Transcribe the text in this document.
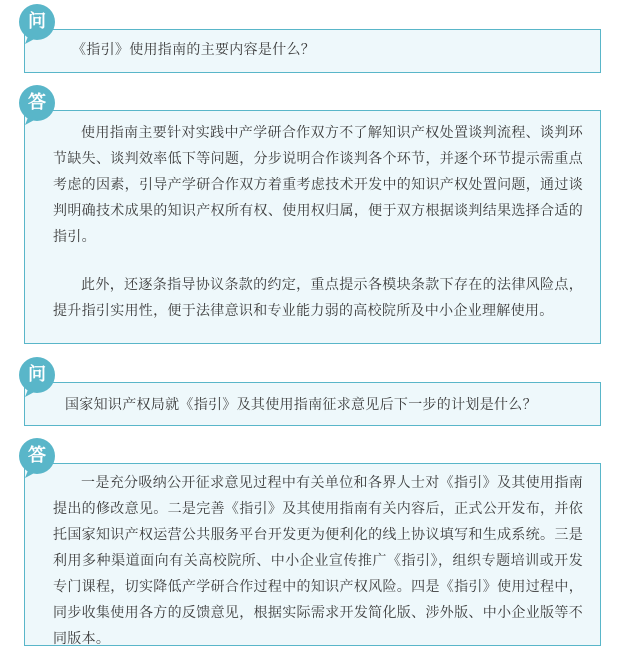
问

《指引》使用指南的主要内容是什么？

答

使用指南主要针对实践中产学研合作双方不了解知识产权处置谈判流程、谈判环节缺失、谈判效率低下等问题，分步说明合作谈判各个环节，并逐个环节提示需重点考虑的因素，引导产学研合作双方着重考虑技术开发中的知识产权处置问题，通过谈判明确技术成果的知识产权所有权、使用权归属，便于双方根据谈判结果选择合适的指引。

此外，还逐条指导协议条款的约定，重点提示各模块条款下存在的法律风险点，提升指引实用性，便于法律意识和专业能力弱的高校院所及中小企业理解使用。

问

国家知识产权局就《指引》及其使用指南征求意见后下一步的计划是什么？

答

一是充分吸纳公开征求意见过程中有关单位和各界人士对《指引》及其使用指南提出的修改意见。二是完善《指引》及其使用指南有关内容后，正式公开发布，并依托国家知识产权运营公共服务平台开发更为便利化的线上协议填写和生成系统。三是利用多种渠道面向有关高校院所、中小企业宣传推广《指引》，组织专题培训或开发专门课程，切实降低产学研合作过程中的知识产权风险。四是《指引》使用过程中，同步收集使用各方的反馈意见，根据实际需求开发简化版、涉外版、中小企业版等不同版本。
